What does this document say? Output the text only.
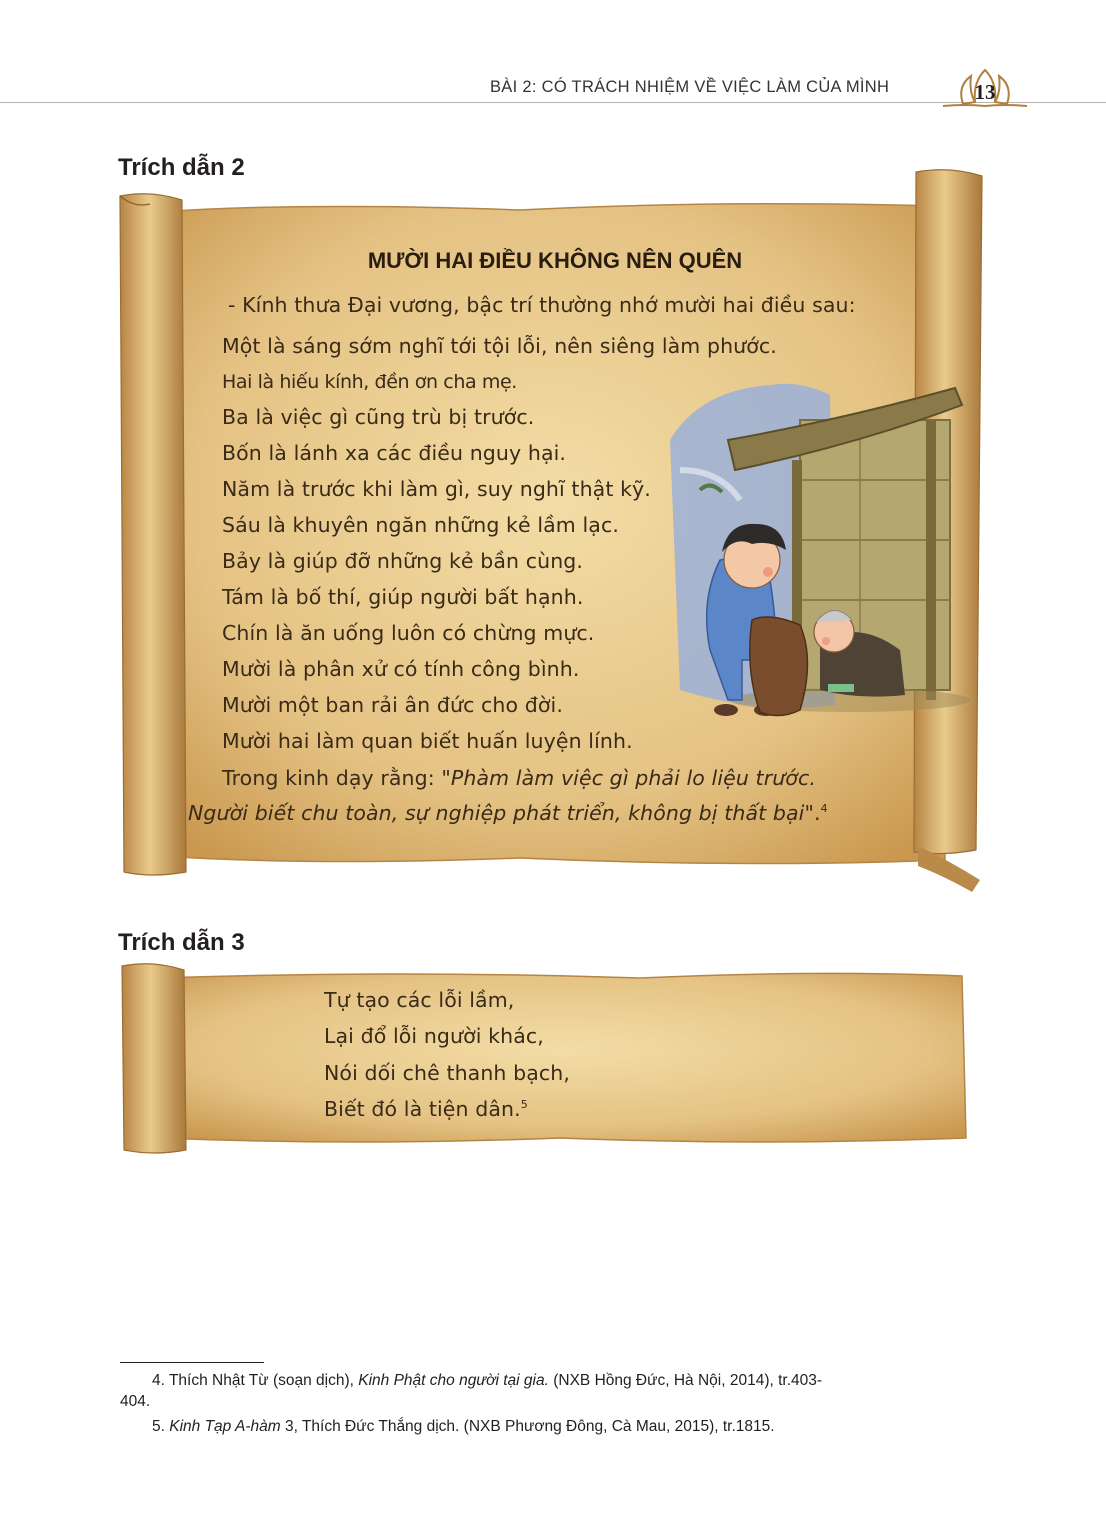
BÀI 2: CÓ TRÁCH NHIỆM VỀ VIỆC LÀM CỦA MÌNH	13
Trích dẫn 2
MƯỜI HAI ĐIỀU KHÔNG NÊN QUÊN
- Kính thưa Đại vương, bậc trí thường nhớ mười hai điều sau:
Một là sáng sớm nghĩ tới tội lỗi, nên siêng làm phước.
Hai là hiếu kính, đền ơn cha mẹ.
Ba là việc gì cũng trù bị trước.
Bốn là lánh xa các điều nguy hại.
Năm là trước khi làm gì, suy nghĩ thật kỹ.
Sáu là khuyên ngăn những kẻ lầm lạc.
Bảy là giúp đỡ những kẻ bần cùng.
Tám là bố thí, giúp người bất hạnh.
Chín là ăn uống luôn có chừng mực.
Mười là phân xử có tính công bình.
Mười một ban rải ân đức cho đời.
Mười hai làm quan biết huấn luyện lính.
Trong kinh dạy rằng: "Phàm làm việc gì phải lo liệu trước.
Người biết chu toàn, sự nghiệp phát triển, không bị thất bại".$^4$
Trích dẫn 3
Tự tạo các lỗi lầm,
Lại đổ lỗi người khác,
Nói dối chê thanh bạch,
Biết đó là tiện dân.$^5$
4. Thích Nhật Từ (soạn dịch), Kinh Phật cho người tại gia. (NXB Hồng Đức, Hà Nội, 2014), tr.403-
404.
5. Kinh Tạp A-hàm 3, Thích Đức Thắng dịch. (NXB Phương Đông, Cà Mau, 2015), tr.1815.
